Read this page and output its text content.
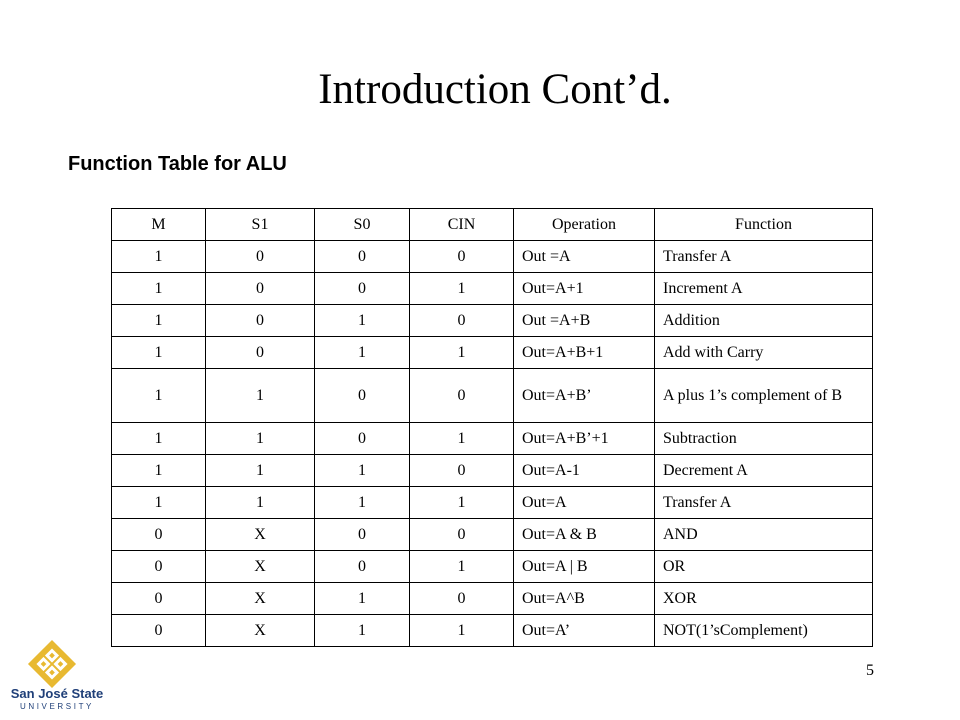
Introduction Cont’d.
Function Table for ALU
M	S1	S0	CIN	Operation	Function
1	0	0	0	Out =A	Transfer A
1	0	0	1	Out=A+1	Increment A
1	0	1	0	Out =A+B	Addition
1	0	1	1	Out=A+B+1	Add with Carry
1	1	0	0	Out=A+B’	A plus 1’s complement of B
1	1	0	1	Out=A+B’+1	Subtraction
1	1	1	0	Out=A-1	Decrement A
1	1	1	1	Out=A	Transfer A
0	X	0	0	Out=A & B	AND
0	X	0	1	Out=A | B	OR
0	X	1	0	Out=A^B	XOR
0	X	1	1	Out=A’	NOT(1’sComplement)
5
San José State
UNIVERSITY
